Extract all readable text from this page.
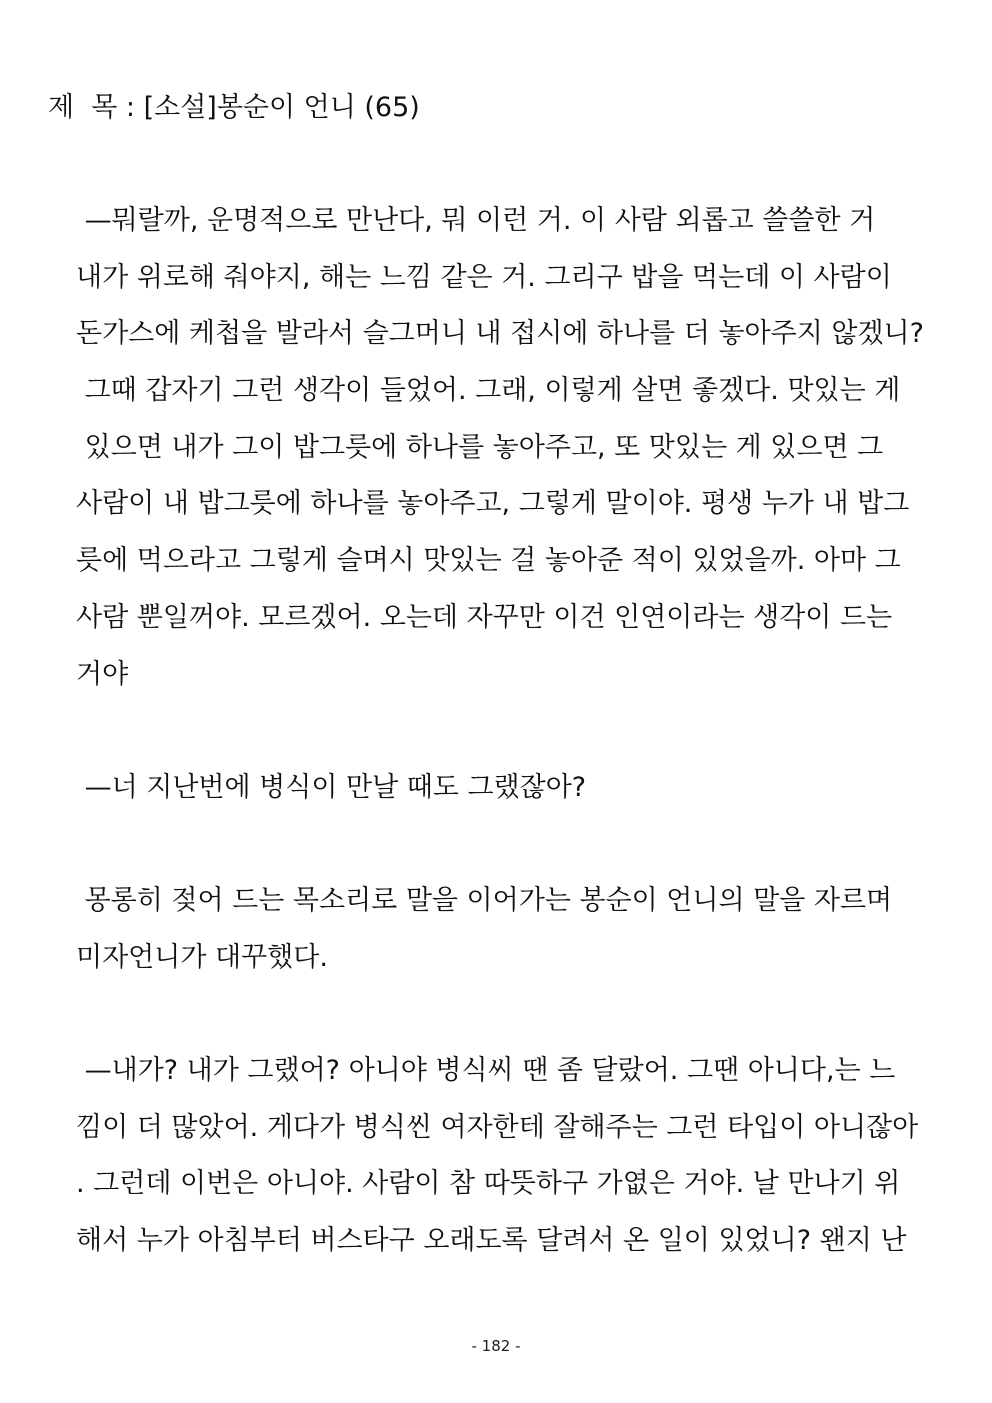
제  목 : [소설]봉순이 언니 (65)
—뭐랄까, 운명적으로 만난다, 뭐 이런 거. 이 사람 외롭고 쓸쓸한 거
내가 위로해 줘야지, 해는 느낌 같은 거. 그리구 밥을 먹는데 이 사람이
돈가스에 케첩을 발라서 슬그머니 내 접시에 하나를 더 놓아주지 않겠니?
그때 갑자기 그런 생각이 들었어. 그래, 이렇게 살면 좋겠다. 맛있는 게
있으면 내가 그이 밥그릇에 하나를 놓아주고, 또 맛있는 게 있으면 그
사람이 내 밥그릇에 하나를 놓아주고, 그렇게 말이야. 평생 누가 내 밥그
릇에 먹으라고 그렇게 슬며시 맛있는 걸 놓아준 적이 있었을까. 아마 그
사람 뿐일꺼야. 모르겠어. 오는데 자꾸만 이건 인연이라는 생각이 드는
거야
—너 지난번에 병식이 만날 때도 그랬잖아?
몽롱히 젖어 드는 목소리로 말을 이어가는 봉순이 언니의 말을 자르며
미자언니가 대꾸했다.
—내가? 내가 그랬어? 아니야 병식씨 땐 좀 달랐어. 그땐 아니다,는 느
낌이 더 많았어. 게다가 병식씬 여자한테 잘해주는 그런 타입이 아니잖아
. 그런데 이번은 아니야. 사람이 참 따뜻하구 가엾은 거야. 날 만나기 위
해서 누가 아침부터 버스타구 오래도록 달려서 온 일이 있었니? 왠지 난
- 182 -
